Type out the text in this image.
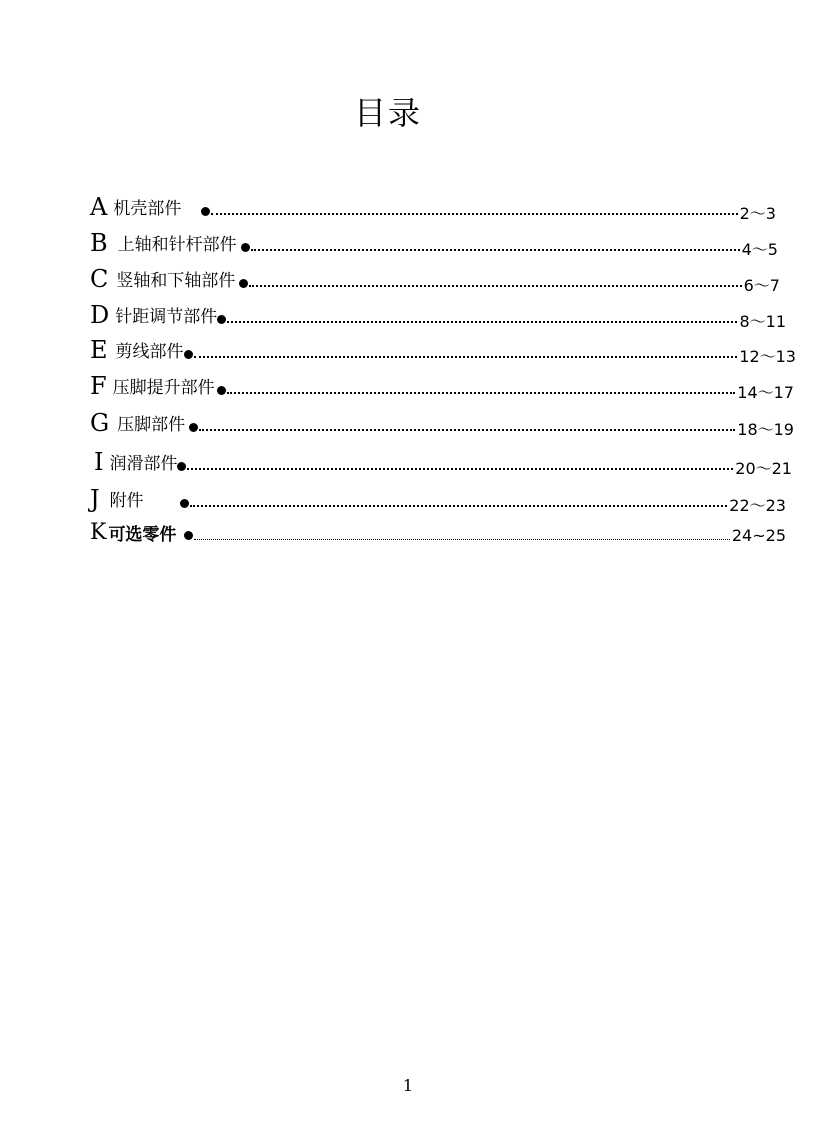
目录
A 机壳部件	2～3
B 上轴和针杆部件	4～5
C 竖轴和下轴部件	6～7
D 针距调节部件	8～11
E 剪线部件	12～13
F 压脚提升部件	14～17
G 压脚部件	18～19
I 润滑部件	20～21
J 附件	22～23
K 可选零件	24~25
1
